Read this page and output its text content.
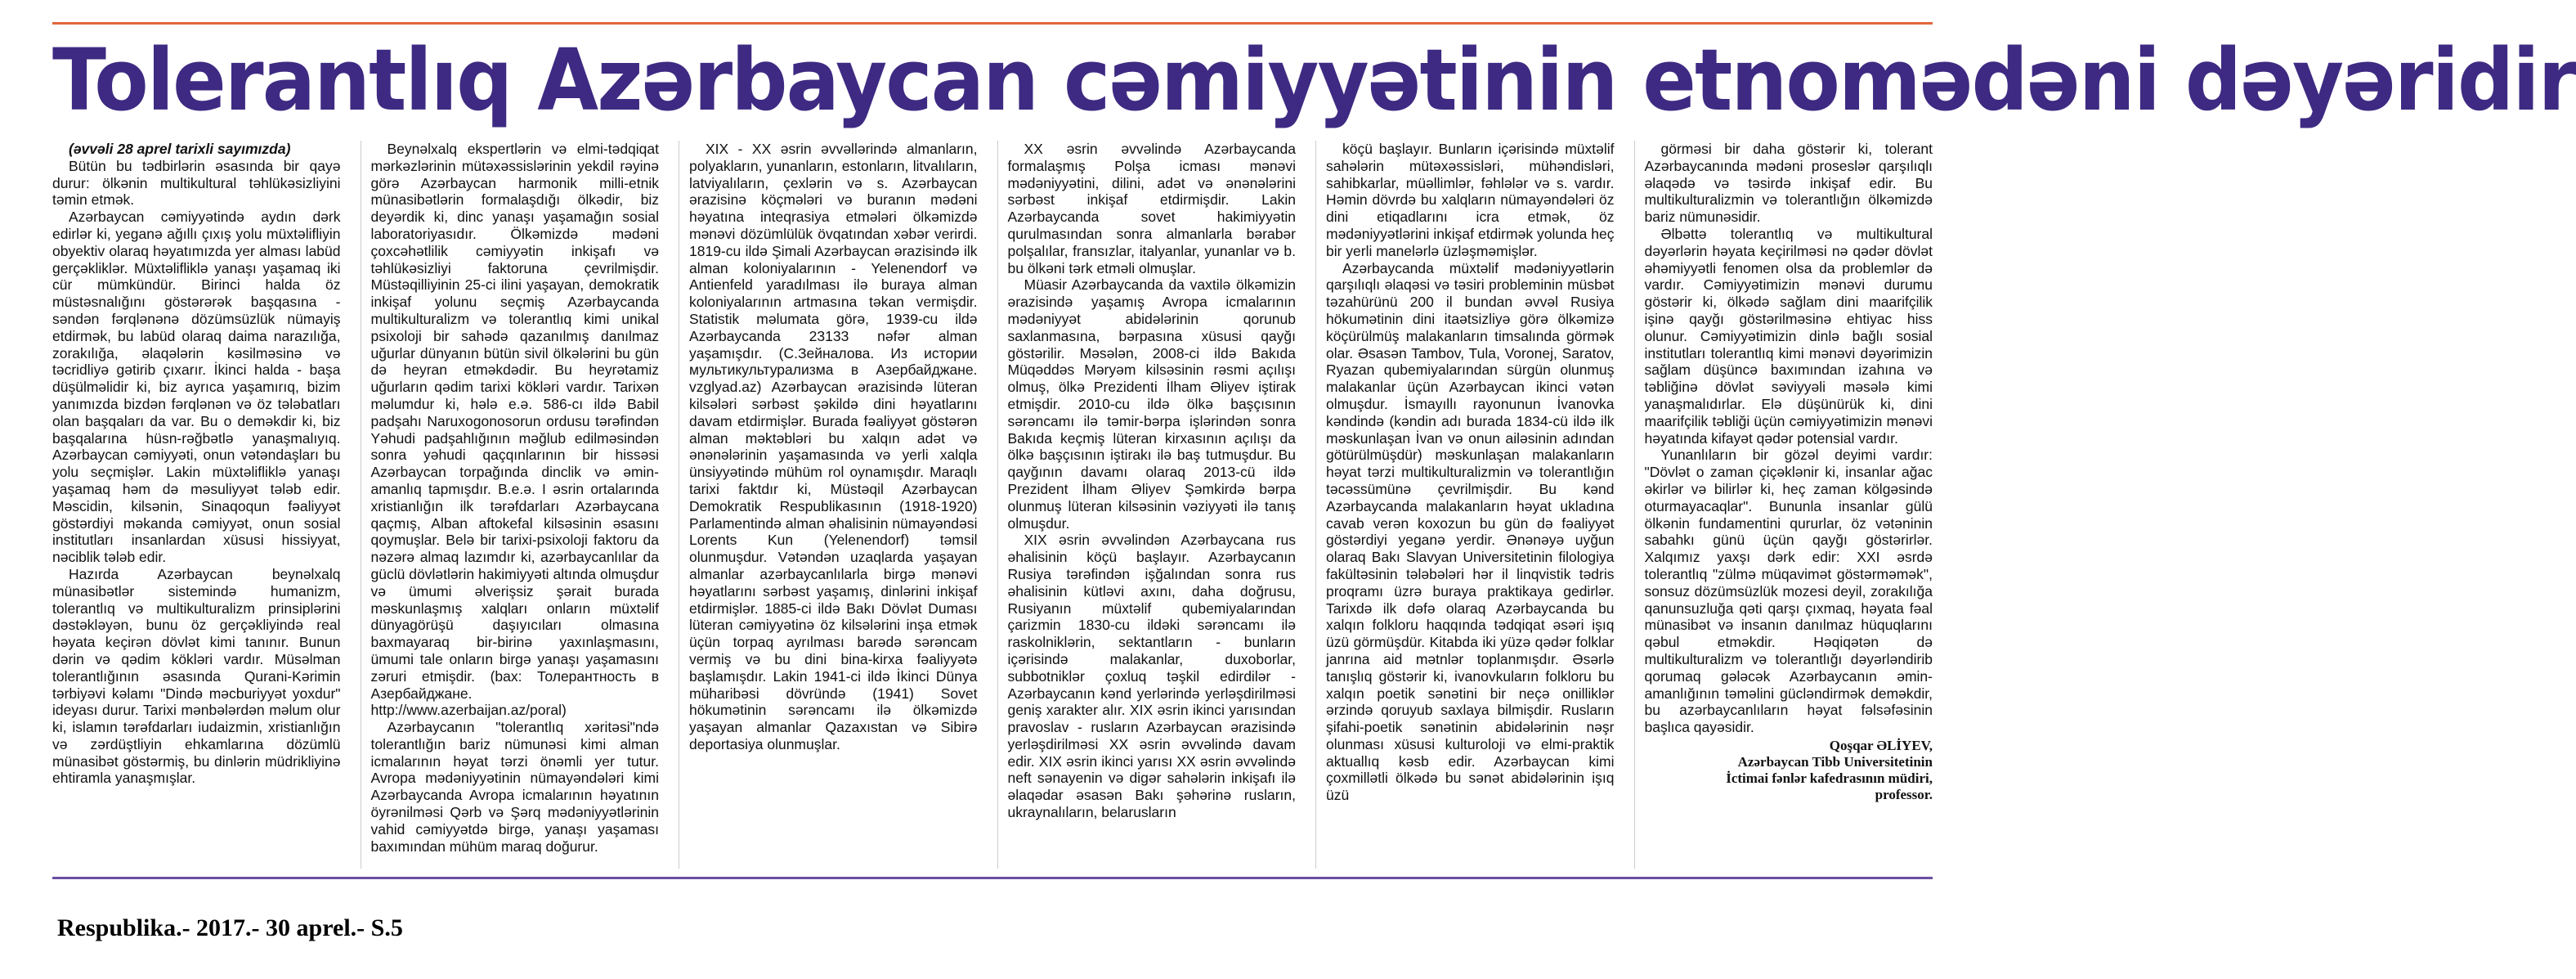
Tolerantlıq Azərbaycan cəmiyyətinin etnomədəni dəyəridir

(əvvəli 28 aprel tarixli sayımızda)

Bütün bu tədbirlərin əsasında bir qayə durur: ölkənin multikultural təhlükəsizliyini təmin etmək.

Azərbaycan cəmiyyətində aydın dərk edirlər ki, yeganə ağıllı çıxış yolu müxtəlifliyin obyektiv olaraq həyatımızda yer alması labüd gerçəkliklər. Müxtəlifliklə yanaşı yaşamaq iki cür mümkündür. Birinci halda öz müstəsnalığını göstərərək başqasına - səndən fərqlənənə dözümsüzlük nümayiş etdirmək, bu labüd olaraq daima narazılığa, zorakılığa, əlaqələrin kəsilməsinə və təcridliyə gətirib çıxarır. İkinci halda - başa düşülməlidir ki, biz ayrıca yaşamırıq, bizim yanımızda bizdən fərqlənən və öz tələbatları olan başqaları da var. Bu o deməkdir ki, biz başqalarına hüsn-rəğbətlə yanaşmalıyıq. Azərbaycan cəmiyyəti, onun vətəndaşları bu yolu seçmişlər. Lakin müxtəlifliklə yanaşı yaşamaq həm də məsuliyyət tələb edir. Məscidin, kilsənin, Sinaqoqun fəaliyyət göstərdiyi məkanda cəmiyyət, onun sosial institutları insanlardan xüsusi hissiyyat, nəciblik tələb edir.

Hazırda Azərbaycan beynəlxalq münasibətlər sistemində humanizm, tolerantlıq və multikulturalizm prinsiplərini dəstəkləyən, bunu öz gerçəkliyində real həyata keçirən dövlət kimi tanınır. Bunun dərin və qədim kökləri vardır. Müsəlman tolerantlığının əsasında Qurani-Kərimin tərbiyəvi kəlamı "Dində məcburiyyət yoxdur" ideyası durur. Tarixi mənbələrdən məlum olur ki, islamın tərəfdarları iudaizmin, xristianlığın və zərdüştliyin ehkamlarına dözümlü münasibət göstərmiş, bu dinlərin müdrikliyinə ehtiramla yanaşmışlar.

Beynəlxalq ekspertlərin və elmi-tədqiqat mərkəzlərinin mütəxəssislərinin yekdil rəyinə görə Azərbaycan harmonik milli-etnik münasibətlərin formalaşdığı ölkədir, biz deyərdik ki, dinc yanaşı yaşamağın sosial laboratoriyasıdır. Ölkəmizdə mədəni çoxcəhətlilik cəmiyyətin inkişafı və təhlükəsizliyi faktoruna çevrilmişdir. Müstəqilliyinin 25-ci ilini yaşayan, demokratik inkişaf yolunu seçmiş Azərbaycanda multikulturalizm və tolerantlıq kimi unikal psixoloji bir sahədə qazanılmış danılmaz uğurlar dünyanın bütün sivil ölkələrini bu gün də heyran etməkdədir. Bu heyrətamiz uğurların qədim tarixi kökləri vardır. Tarixən məlumdur ki, hələ e.ə. 586-cı ildə Babil padşahı Naruxogonosorun ordusu tərəfindən Yəhudi padşahlığının məğlub edilməsindən sonra yəhudi qaçqınlarının bir hissəsi Azərbaycan torpağında dinclik və əmin-amanlıq tapmışdır. B.e.ə. I əsrin ortalarında xristianlığın ilk tərəfdarları Azərbaycana qaçmış, Alban aftokefal kilsəsinin əsasını qoymuşlar. Belə bir tarixi-psixoloji faktoru da nəzərə almaq lazımdır ki, azərbaycanlılar da güclü dövlətlərin hakimiyyəti altında olmuşdur və ümumi əlverişsiz şərait burada məskunlaşmış xalqları onların müxtəlif dünyagörüşü daşıyıcıları olmasına baxmayaraq bir-birinə yaxınlaşmasını, ümumi tale onların birgə yanaşı yaşamasını zəruri etmişdir. (bax: Толерантность в Азербайджане. http://www.azerbaijan.az/poral)

Azərbaycanın "tolerantlıq xəritəsi"ndə tolerantlığın bariz nümunəsi kimi alman icmalarının həyat tərzi önəmli yer tutur. Avropa mədəniyyətinin nümayəndələri kimi Azərbaycanda Avropa icmalarının həyatının öyrənilməsi Qərb və Şərq mədəniyyətlərinin vahid cəmiyyətdə birgə, yanaşı yaşaması baxımından mühüm maraq doğurur.

XIX - XX əsrin əvvəllərində almanların, polyakların, yunanların, estonların, litvalıların, latviyalıların, çexlərin və s. Azərbaycan ərazisinə köçmələri və buranın mədəni həyatına inteqrasiya etmələri ölkəmizdə mənəvi dözümlülük övqatından xəbər verirdi. 1819-cu ildə Şimali Azərbaycan ərazisində ilk alman koloniyalarının - Yelenendorf və Antienfeld yaradılması ilə buraya alman koloniyalarının artmasına təkan vermişdir. Statistik məlumata görə, 1939-cu ildə Azərbaycanda 23133 nəfər alman yaşamışdır. (С.Зейналова. Из истории мультикультурализма в Азербайджане. vzglyad.az) Azərbaycan ərazisində lüteran kilsələri sərbəst şəkildə dini həyatlarını davam etdirmişlər. Burada fəaliyyət göstərən alman məktəbləri bu xalqın adət və ənənələrinin yaşamasında və yerli xalqla ünsiyyətində mühüm rol oynamışdır. Maraqlı tarixi faktdır ki, Müstəqil Azərbaycan Demokratik Respublikasının (1918-1920) Parlamentində alman əhalisinin nümayəndəsi Lorents Kun (Yelenendorf) təmsil olunmuşdur. Vətəndən uzaqlarda yaşayan almanlar azərbaycanlılarla birgə mənəvi həyatlarını sərbəst yaşamış, dinlərini inkişaf etdirmişlər. 1885-ci ildə Bakı Dövlət Duması lüteran cəmiyyətinə öz kilsələrini inşa etmək üçün torpaq ayrılması barədə sərəncam vermiş və bu dini bina-kirxa fəaliyyətə başlamışdır. Lakin 1941-ci ildə İkinci Dünya müharibəsi dövründə (1941) Sovet hökumətinin sərəncamı ilə ölkəmizdə yaşayan almanlar Qazaxıstan və Sibirə deportasiya olunmuşlar.

XX əsrin əvvəlində Azərbaycanda formalaşmış Polşa icması mənəvi mədəniyyətini, dilini, adət və ənənələrini sərbəst inkişaf etdirmişdir. Lakin Azərbaycanda sovet hakimiyyətin qurulmasından sonra almanlarla bərabər polşalılar, fransızlar, italyanlar, yunanlar və b. bu ölkəni tərk etməli olmuşlar.

Müasir Azərbaycanda da vaxtilə ölkəmizin ərazisində yaşamış Avropa icmalarının mədəniyyət abidələrinin qorunub saxlanmasına, bərpasına xüsusi qayğı göstərilir. Məsələn, 2008-ci ildə Bakıda Müqəddəs Məryəm kilsəsinin rəsmi açılışı olmuş, ölkə Prezidenti İlham Əliyev iştirak etmişdir. 2010-cu ildə ölkə başçısının sərəncamı ilə təmir-bərpa işlərindən sonra Bakıda keçmiş lüteran kirxasının açılışı da ölkə başçısının iştirakı ilə baş tutmuşdur. Bu qayğının davamı olaraq 2013-cü ildə Prezident İlham Əliyev Şəmkirdə bərpa olunmuş lüteran kilsəsinin vəziyyəti ilə tanış olmuşdur.

XIX əsrin əvvəlindən Azərbaycana rus əhalisinin köçü başlayır. Azərbaycanın Rusiya tərəfindən işğalından sonra rus əhalisinin kütləvi axını, daha doğrusu, Rusiyanın müxtəlif qubemiyalarından çarizmin 1830-cu ildəki sərəncamı ilə raskolniklərin, sektantların - bunların içərisində malakanlar, duxoborlar, subbotniklər çoxluq təşkil edirdilər - Azərbaycanın kənd yerlərində yerləşdirilməsi geniş xarakter alır. XIX əsrin ikinci yarısından pravoslav - rusların Azərbaycan ərazisində yerləşdirilməsi XX əsrin əvvəlində davam edir. XIX əsrin ikinci yarısı XX əsrin əvvəlində neft sənayenin və digər sahələrin inkişafı ilə əlaqədar əsasən Bakı şəhərinə rusların, ukraynalıların, belarusların

köçü başlayır. Bunların içərisində müxtəlif sahələrin mütəxəssisləri, mühəndisləri, sahibkarlar, müəllimlər, fəhlələr və s. vardır. Həmin dövrdə bu xalqların nümayəndələri öz dini etiqadlarını icra etmək, öz mədəniyyətlərini inkişaf etdirmək yolunda heç bir yerli manelərlə üzləşməmişlər.

Azərbaycanda müxtəlif mədəniyyətlərin qarşılıqlı əlaqəsi və təsiri probleminin müsbət təzahürünü 200 il bundan əvvəl Rusiya hökumətinin dini itaətsizliyə görə ölkəmizə köçürülmüş malakanların timsalında görmək olar. Əsasən Tambov, Tula, Voronej, Saratov, Ryazan qubemiyalarından sürgün olunmuş malakanlar üçün Azərbaycan ikinci vətən olmuşdur. İsmayıllı rayonunun İvanovka kəndində (kəndin adı burada 1834-cü ildə ilk məskunlaşan İvan və onun ailəsinin adından götürülmüşdür) məskunlaşan malakanların həyat tərzi multikulturalizmin və tolerantlığın təcəssümünə çevrilmişdir. Bu kənd Azərbaycanda malakanların həyat ukladına cavab verən koxozun bu gün də fəaliyyət göstərdiyi yeganə yerdir. Ənənəyə uyğun olaraq Bakı Slavyan Universitetinin filologiya fakültəsinin tələbələri hər il linqvistik tədris proqramı üzrə buraya praktikaya gedirlər. Tarixdə ilk dəfə olaraq Azərbaycanda bu xalqın folkloru haqqında tədqiqat əsəri işıq üzü görmüşdür. Kitabda iki yüzə qədər folklar janrına aid mətnlər toplanmışdır. Əsərlə tanışlıq göstərir ki, ivanovkuların folkloru bu xalqın poetik sənətini bir neçə onilliklər ərzində qoruyub saxlaya bilmişdir. Rusların şifahi-poetik sənətinin abidələrinin nəşr olunması xüsusi kulturoloji və elmi-praktik aktuallıq kəsb edir. Azərbaycan kimi çoxmillətli ölkədə bu sənət abidələrinin işıq üzü

görməsi bir daha göstərir ki, tolerant Azərbaycanında mədəni proseslər qarşılıqlı əlaqədə və təsirdə inkişaf edir. Bu multikulturalizmin və tolerantlığın ölkəmizdə bariz nümunəsidir.

Əlbəttə tolerantlıq və multikultural dəyərlərin həyata keçirilməsi nə qədər dövlət əhəmiyyətli fenomen olsa da problemlər də vardır. Cəmiyyətimizin mənəvi durumu göstərir ki, ölkədə sağlam dini maarifçilik işinə qayğı göstərilməsinə ehtiyac hiss olunur. Cəmiyyətimizin dinlə bağlı sosial institutları tolerantlıq kimi mənəvi dəyərimizin sağlam düşüncə baxımından izahına və təbliğinə dövlət səviyyəli məsələ kimi yanaşmalıdırlar. Elə düşünürük ki, dini maarifçilik təbliği üçün cəmiyyətimizin mənəvi həyatında kifayət qədər potensial vardır.

Yunanlıların bir gözəl deyimi vardır: "Dövlət o zaman çiçəklənir ki, insanlar ağac əkirlər və bilirlər ki, heç zaman kölgəsində oturmayacaqlar". Bununla insanlar gülü ölkənin fundamentini qururlar, öz vətəninin sabahkı günü üçün qayğı göstərirlər. Xalqımız yaxşı dərk edir: XXI əsrdə tolerantlıq "zülmə müqavimət göstərməmək", sonsuz dözümsüzlük mozesi deyil, zorakılığa qanunsuzluğa qəti qarşı çıxmaq, həyata fəal münasibət və insanın danılmaz hüquqlarını qəbul etməkdir. Həqiqətən də multikulturalizm və tolerantlığı dəyərləndirib qorumaq gələcək Azərbaycanın əmin-amanlığının təməlini gücləndirmək deməkdir, bu azərbaycanlıların həyat fəlsəfəsinin başlıca qayəsidir.

Qoşqar ƏLİYEV,
Azərbaycan Tibb Universitetinin
İctimai fənlər kafedrasının müdiri,
professor.
Respublika.- 2017.- 30 aprel.- S.5
